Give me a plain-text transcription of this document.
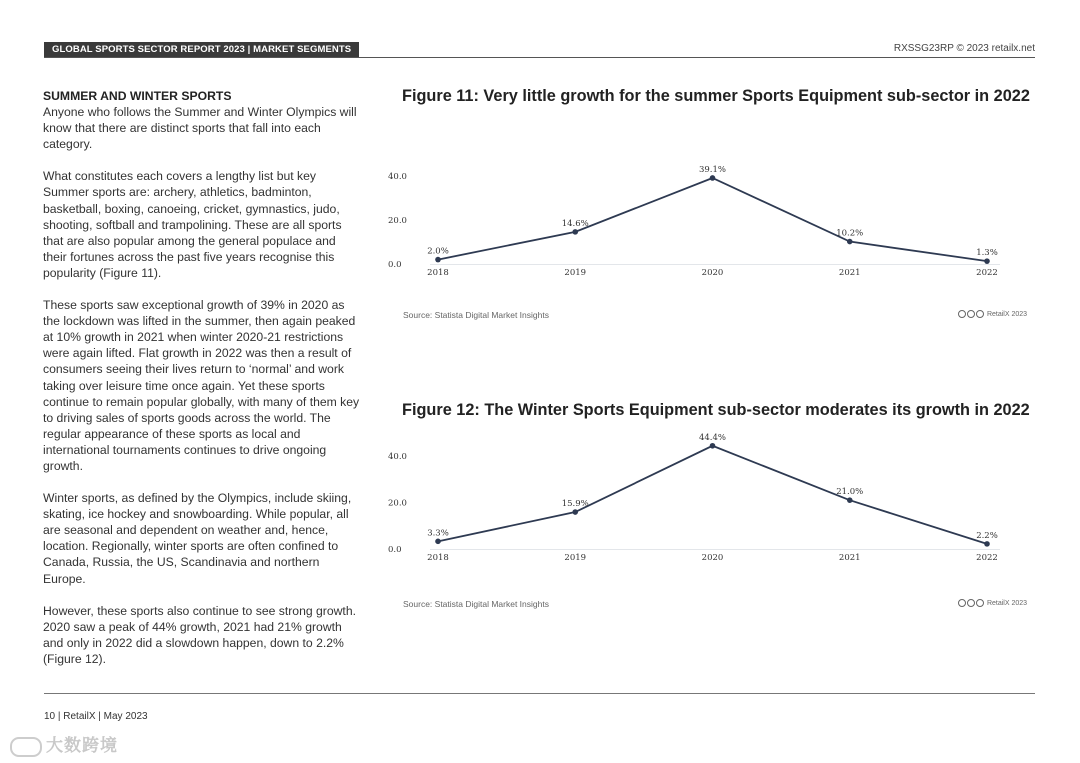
GLOBAL SPORTS SECTOR REPORT 2023 | MARKET SEGMENTS	RXSSG23RP © 2023 retailx.net
SUMMER AND WINTER SPORTS

Anyone who follows the Summer and Winter Olympics will know that there are distinct sports that fall into each category.

What constitutes each covers a lengthy list but key Summer sports are: archery, athletics, badminton, basketball, boxing, canoeing, cricket, gymnastics, judo, shooting, softball and trampolining. These are all sports that are also popular among the general populace and their fortunes across the past five years recognise this popularity (Figure 11).

These sports saw exceptional growth of 39% in 2020 as the lockdown was lifted in the summer, then again peaked at 10% growth in 2021 when winter 2020-21 restrictions were again lifted. Flat growth in 2022 was then a result of consumers seeing their lives return to ‘normal’ and work taking over leisure time once again. Yet these sports continue to remain popular globally, with many of them key to driving sales of sports goods across the world. The regular appearance of these sports as local and international tournaments continues to drive ongoing growth.

Winter sports, as defined by the Olympics, include skiing, skating, ice hockey and snowboarding. While popular, all are seasonal and dependent on weather and, hence, location. Regionally, winter sports are often confined to Canada, Russia, the US, Scandinavia and northern Europe.

However, these sports also continue to see strong growth. 2020 saw a peak of 44% growth, 2021 had 21% growth and only in 2022 did a slowdown happen, down to 2.2% (Figure 12).

Figure 11: Very little growth for the summer Sports Equipment sub-sector in 2022
0.0
20.0
40.0
2.0%
2018
14.6%
2019
39.1%
2020
10.2%
2021
1.3%
2022
Source: Statista Digital Market Insights	RetailX 2023
Figure 12: The Winter Sports Equipment sub-sector moderates its growth in 2022
0.0
20.0
40.0
3.3%
2018
15.9%
2019
44.4%
2020
21.0%
2021
2.2%
2022
Source: Statista Digital Market Insights	RetailX 2023
10 | RetailX | May 2023
大数跨境
